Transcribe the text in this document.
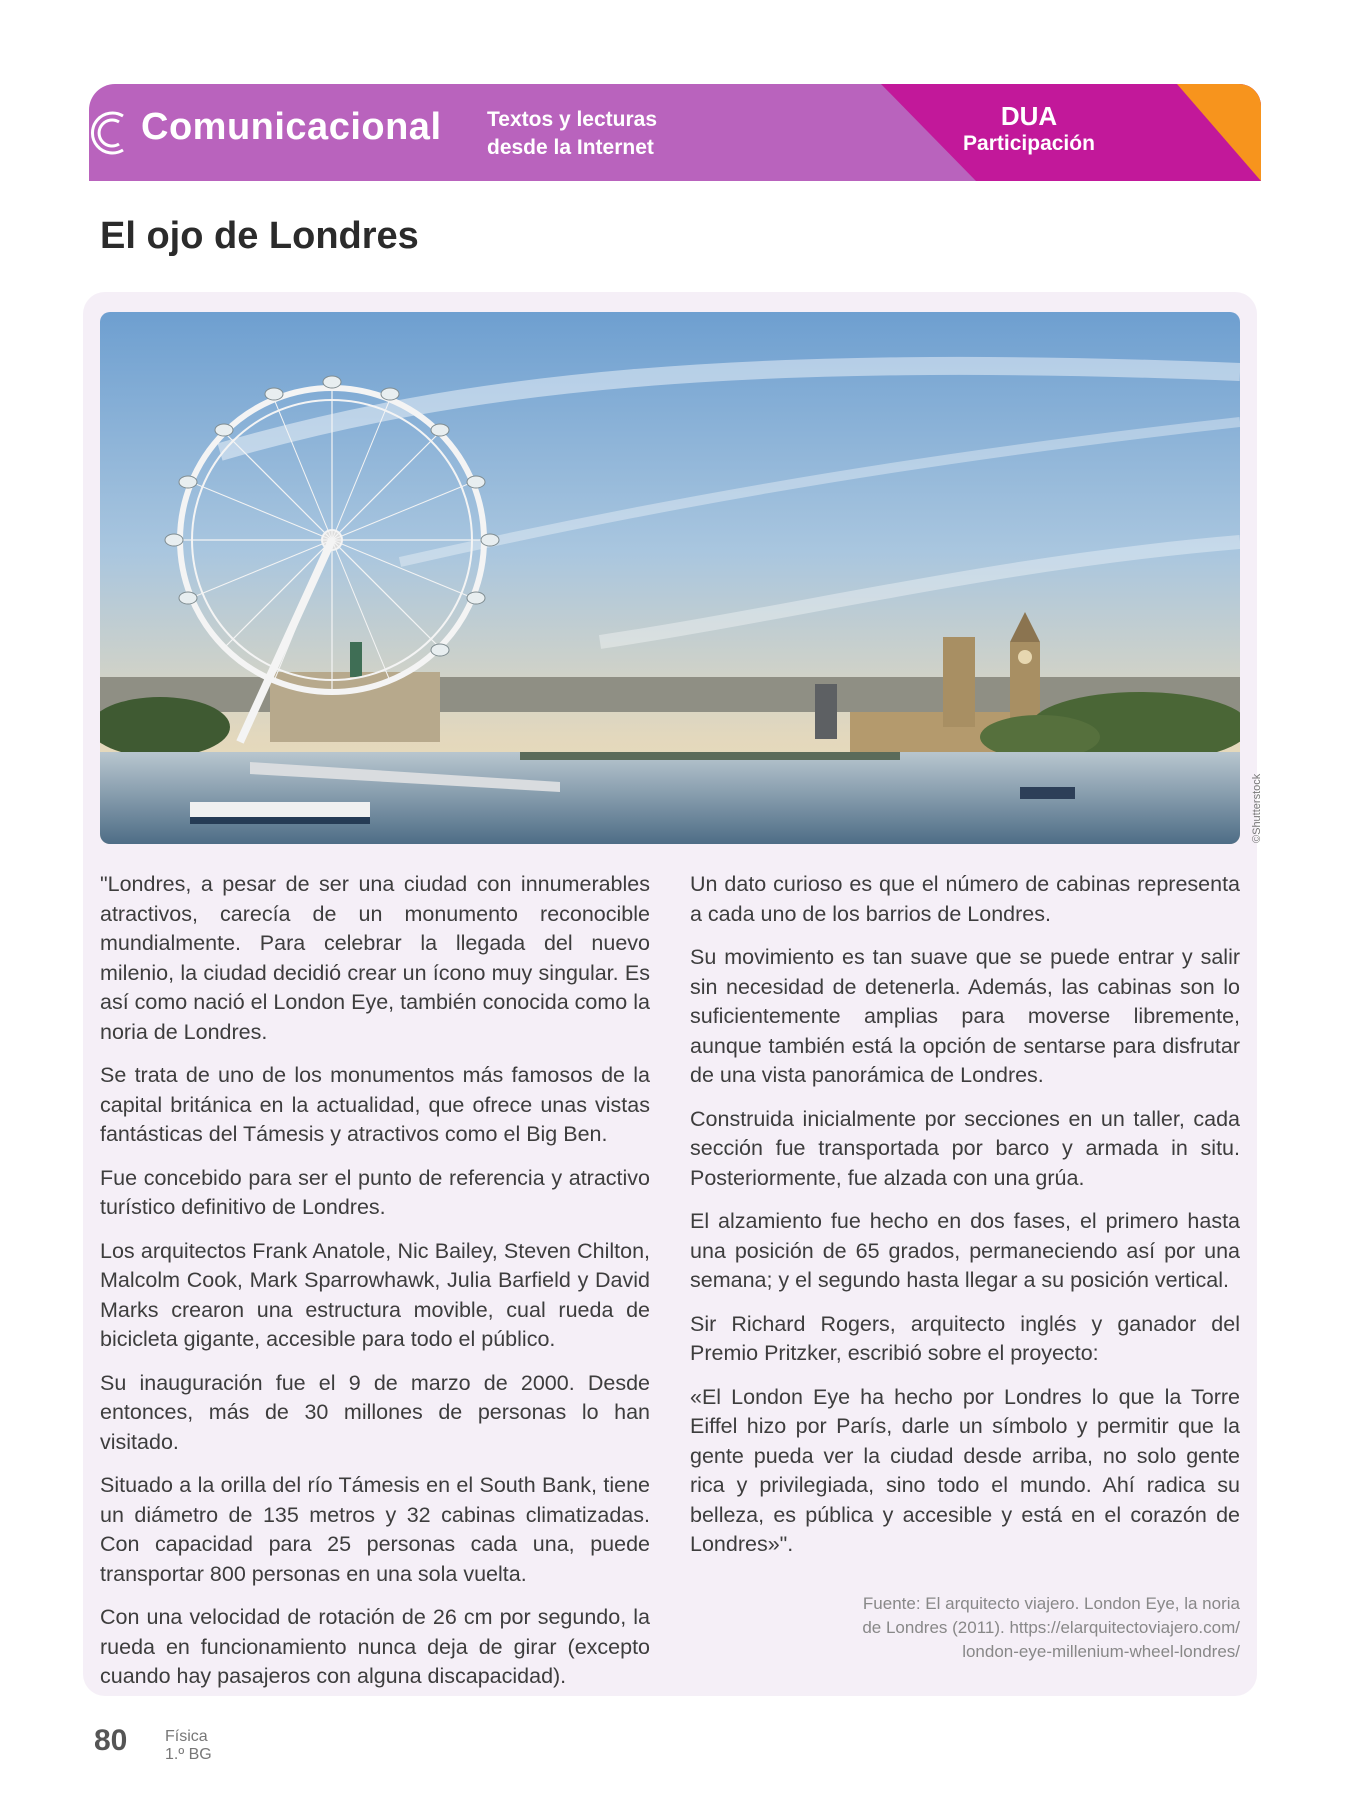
Comunicacional Textos y lecturas
desde la Internet
DUA
Participación
El ojo de Londres
©Shutterstock

"Londres, a pesar de ser una ciudad con innumerables atractivos, carecía de un monumento reconocible mundialmente. Para celebrar la llegada del nuevo milenio, la ciudad decidió crear un ícono muy singular. Es así como nació el London Eye, también conocida como la noria de Londres.

Se trata de uno de los monumentos más famosos de la capital británica en la actualidad, que ofrece unas vistas fantásticas del Támesis y atractivos como el Big Ben.

Fue concebido para ser el punto de referencia y atractivo turístico definitivo de Londres.

Los arquitectos Frank Anatole, Nic Bailey, Steven Chilton, Malcolm Cook, Mark Sparrowhawk, Julia Barfield y David Marks crearon una estructura movible, cual rueda de bicicleta gigante, accesible para todo el público.

Su inauguración fue el 9 de marzo de 2000. Desde entonces, más de 30 millones de personas lo han visitado.

Situado a la orilla del río Támesis en el South Bank, tiene un diámetro de 135 metros y 32 cabinas climatizadas. Con capacidad para 25 personas cada una, puede transportar 800 personas en una sola vuelta.

Con una velocidad de rotación de 26 cm por segundo, la rueda en funcionamiento nunca deja de girar (excepto cuando hay pasajeros con alguna discapacidad).

Un dato curioso es que el número de cabinas representa a cada uno de los barrios de Londres.

Su movimiento es tan suave que se puede entrar y salir sin necesidad de detenerla. Además, las cabinas son lo suficientemente amplias para moverse libremente, aunque también está la opción de sentarse para disfrutar de una vista panorámica de Londres.

Construida inicialmente por secciones en un taller, cada sección fue transportada por barco y armada in situ. Posteriormente, fue alzada con una grúa.

El alzamiento fue hecho en dos fases, el primero hasta una posición de 65 grados, permaneciendo así por una semana; y el segundo hasta llegar a su posición vertical.

Sir Richard Rogers, arquitecto inglés y ganador del Premio Pritzker, escribió sobre el proyecto:

«El London Eye ha hecho por Londres lo que la Torre Eiffel hizo por París, darle un símbolo y permitir que la gente pueda ver la ciudad desde arriba, no solo gente rica y privilegiada, sino todo el mundo. Ahí radica su belleza, es pública y accesible y está en el corazón de Londres»".

Fuente: El arquitecto viajero. London Eye, la noria
de Londres (2011). https://elarquitectoviajero.com/
london-eye-millenium-wheel-londres/
80 Física
1.º BG
